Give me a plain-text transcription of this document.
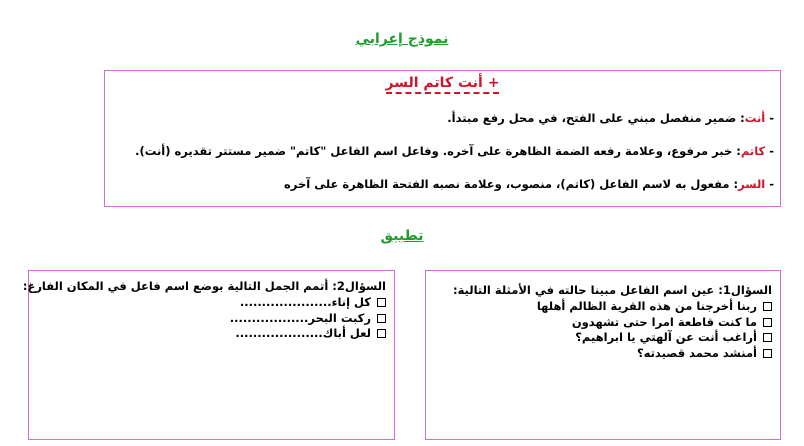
نموذج إعرابي
+ أنت كاتم السر
- أنت: ضمير منفصل مبني على الفتح، في محل رفع مبتدأ.
- كاتم: خبر مرفوع، وعلامة رفعه الضمة الظاهرة على آخره. وفاعل اسم الفاعل "كاتم" ضمير مستتر تقديره (أنت).
- السر: مفعول به لاسم الفاعل (كاتم)، منصوب، وعلامة نصبه الفتحة الظاهرة على آخره
تطبيق
السؤال2: أتمم الجمل التالية بوضع اسم فاعل في المكان الفارغ:
كل إناء.....................
ركبت البحر..................
لعل أباك....................
السؤال1: عين اسم الفاعل مبينا حالته في الأمثلة التالية:
ربنا أخرجنا من هذه القرية الظالم أهلها
ما كنت قاطعة امرا حتى تشهدون
أراغب أنت عن آلهتي يا ابراهيم؟
أمنشد محمد قصيدته؟
